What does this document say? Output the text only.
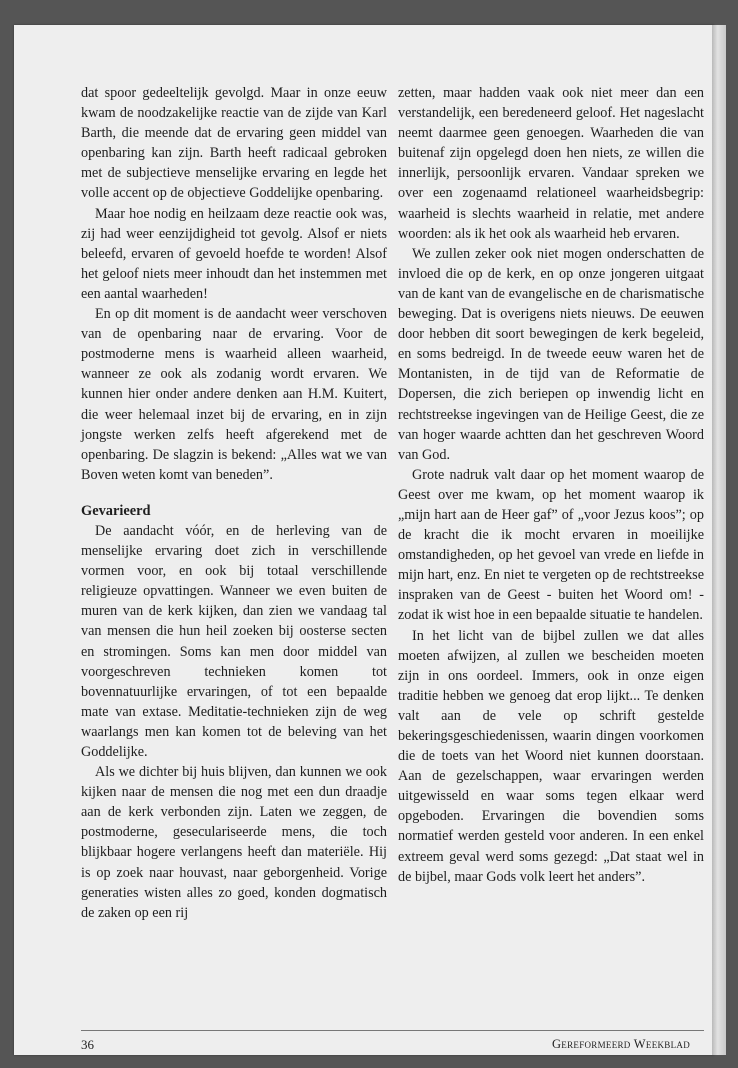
dat spoor gedeeltelijk gevolgd. Maar in onze eeuw kwam de noodzakelijke reactie van de zijde van Karl Barth, die meende dat de ervaring geen middel van openbaring kan zijn. Barth heeft radicaal gebroken met de subjectieve menselijke ervaring en legde het volle accent op de objectieve Goddelijke openbaring.

Maar hoe nodig en heilzaam deze reactie ook was, zij had weer eenzijdigheid tot gevolg. Alsof er niets beleefd, ervaren of gevoeld hoefde te worden! Alsof het geloof niets meer inhoudt dan het instemmen met een aantal waarheden!

En op dit moment is de aandacht weer verschoven van de openbaring naar de ervaring. Voor de postmoderne mens is waarheid alleen waarheid, wanneer ze ook als zodanig wordt ervaren. We kunnen hier onder andere denken aan H.M. Kuitert, die weer helemaal inzet bij de ervaring, en in zijn jongste werken zelfs heeft afgerekend met de openbaring. De slagzin is bekend: „Alles wat we van Boven weten komt van beneden”.

Gevarieerd

De aandacht vóór, en de herleving van de menselijke ervaring doet zich in verschillende vormen voor, en ook bij totaal verschillende religieuze opvattingen. Wanneer we even buiten de muren van de kerk kijken, dan zien we vandaag tal van mensen die hun heil zoeken bij oosterse secten en stromingen. Soms kan men door middel van voorgeschreven technieken komen tot bovennatuurlijke ervaringen, of tot een bepaalde mate van extase. Meditatie-technieken zijn de weg waarlangs men kan komen tot de beleving van het Goddelijke.

Als we dichter bij huis blijven, dan kunnen we ook kijken naar de mensen die nog met een dun draadje aan de kerk verbonden zijn. Laten we zeggen, de postmoderne, geseculariseerde mens, die toch blijkbaar hogere verlangens heeft dan materiële. Hij is op zoek naar houvast, naar geborgenheid. Vorige generaties wisten alles zo goed, konden dogmatisch de zaken op een rij

zetten, maar hadden vaak ook niet meer dan een verstandelijk, een beredeneerd geloof. Het nageslacht neemt daarmee geen genoegen. Waarheden die van buitenaf zijn opgelegd doen hen niets, ze willen die innerlijk, persoonlijk ervaren. Vandaar spreken we over een zogenaamd relationeel waarheidsbegrip: waarheid is slechts waarheid in relatie, met andere woorden: als ik het ook als waarheid heb ervaren.

We zullen zeker ook niet mogen onderschatten de invloed die op de kerk, en op onze jongeren uitgaat van de kant van de evangelische en de charismatische beweging. Dat is overigens niets nieuws. De eeuwen door hebben dit soort bewegingen de kerk begeleid, en soms bedreigd. In de tweede eeuw waren het de Montanisten, in de tijd van de Reformatie de Dopersen, die zich beriepen op inwendig licht en rechtstreekse ingevingen van de Heilige Geest, die ze van hoger waarde achtten dan het geschreven Woord van God.

Grote nadruk valt daar op het moment waarop de Geest over me kwam, op het moment waarop ik „mijn hart aan de Heer gaf” of „voor Jezus koos”; op de kracht die ik mocht ervaren in moeilijke omstandigheden, op het gevoel van vrede en liefde in mijn hart, enz. En niet te vergeten op de rechtstreekse inspraken van de Geest - buiten het Woord om! - zodat ik wist hoe in een bepaalde situatie te handelen.

In het licht van de bijbel zullen we dat alles moeten afwijzen, al zullen we bescheiden moeten zijn in ons oordeel. Immers, ook in onze eigen traditie hebben we genoeg dat erop lijkt... Te denken valt aan de vele op schrift gestelde bekeringsgeschiedenissen, waarin dingen voorkomen die de toets van het Woord niet kunnen doorstaan. Aan de gezelschappen, waar ervaringen werden uitgewisseld en waar soms tegen elkaar werd opgeboden. Ervaringen die bovendien soms normatief werden gesteld voor anderen. In een enkel extreem geval werd soms gezegd: „Dat staat wel in de bijbel, maar Gods volk leert het anders”.

36	Gereformeerd Weekblad
